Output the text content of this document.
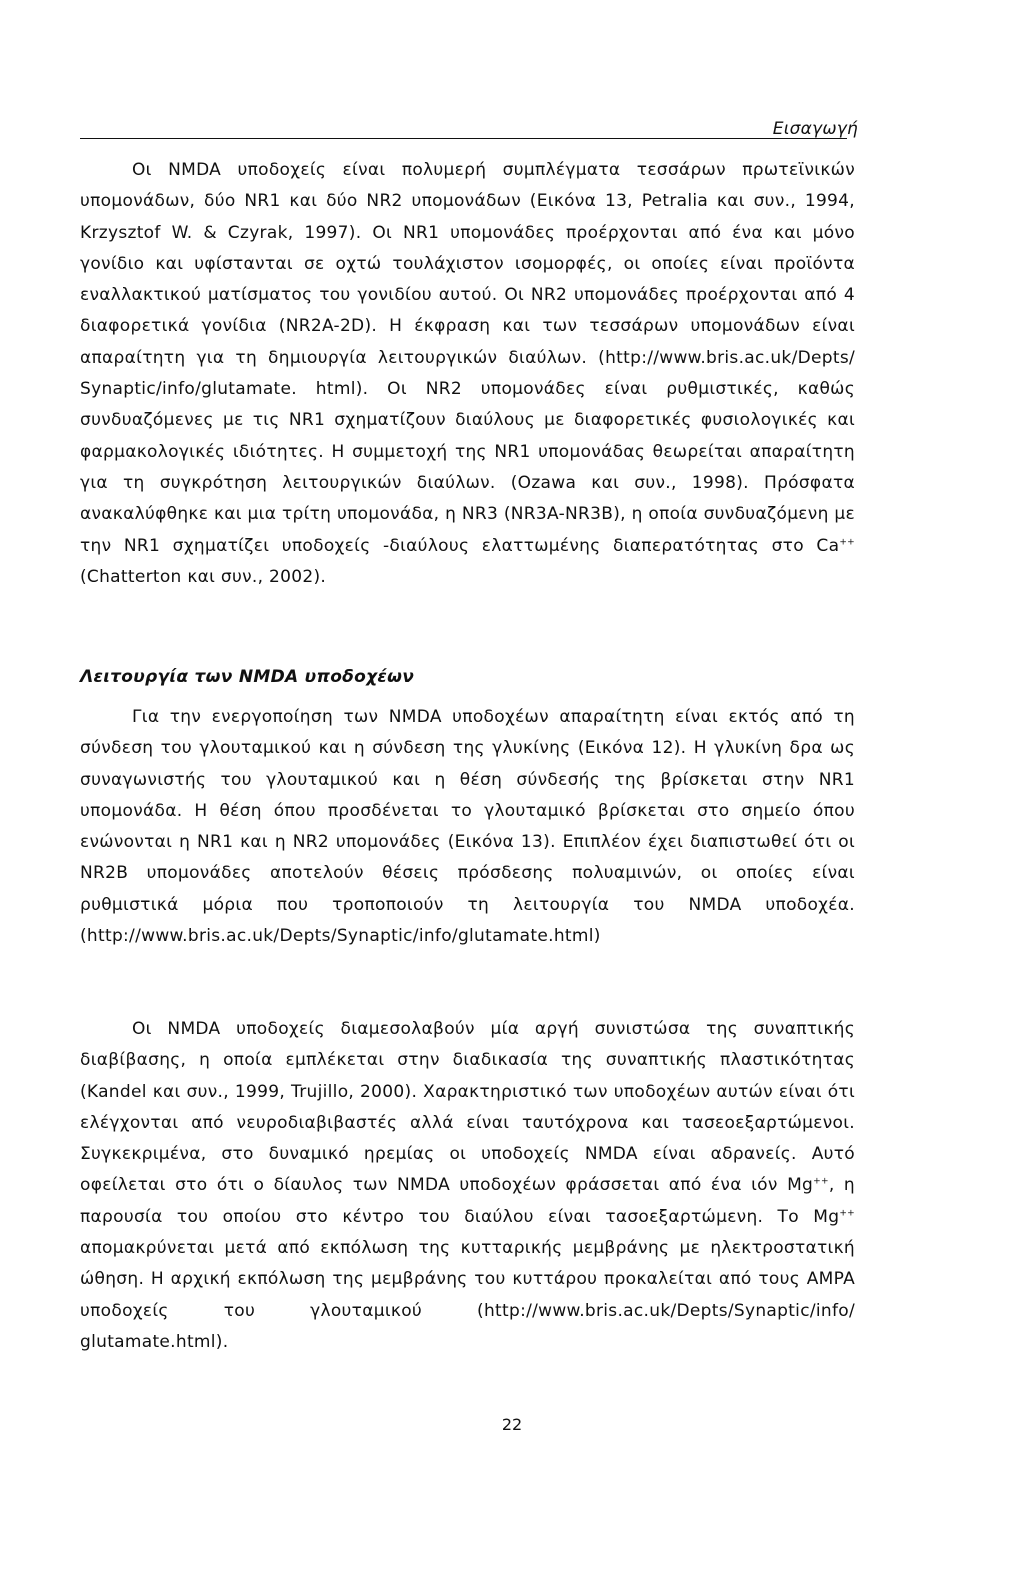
Εισαγωγή
Οι NMDA υποδοχείς είναι πολυμερή συμπλέγματα τεσσάρων πρωτεϊνικών υπομονάδων, δύο NR1 και δύο NR2 υπομονάδων (Εικόνα 13, Petralia και συν., 1994, Krzysztof W. & Czyrak, 1997). Οι NR1 υπομονάδες προέρχονται από ένα και μόνο γονίδιο και υφίστανται σε οχτώ τουλάχιστον ισομορφές, οι οποίες είναι προϊόντα εναλλακτικού ματίσματος του γονιδίου αυτού. Οι NR2 υπομονάδες προέρχονται από 4 διαφορετικά γονίδια (NR2A-2D). Η έκφραση και των τεσσάρων υπομονάδων είναι απαραίτητη για τη δημιουργία λειτουργικών διαύλων. (http://www.bris.ac.uk/Depts/ Synaptic/info/glutamate. html). Οι NR2 υπομονάδες είναι ρυθμιστικές, καθώς συνδυαζόμενες με τις NR1 σχηματίζουν διαύλους με διαφορετικές φυσιολογικές και φαρμακολογικές ιδιότητες. Η συμμετοχή της NR1 υπομονάδας θεωρείται απαραίτητη για τη συγκρότηση λειτουργικών διαύλων. (Ozawa και συν., 1998). Πρόσφατα ανακαλύφθηκε και μια τρίτη υπομονάδα, η NR3 (NR3A-NR3B), η οποία συνδυαζόμενη με την NR1 σχηματίζει υποδοχείς -διαύλους ελαττωμένης διαπερατότητας στο Ca++ (Chatterton και συν., 2002).
Λειτουργία των NMDA υποδοχέων
Για την ενεργοποίηση των NMDA υποδοχέων απαραίτητη είναι εκτός από τη σύνδεση του γλουταμικού και η σύνδεση της γλυκίνης (Εικόνα 12). Η γλυκίνη δρα ως συναγωνιστής του γλουταμικού και η θέση σύνδεσής της βρίσκεται στην NR1 υπομονάδα. Η θέση όπου προσδένεται το γλουταμικό βρίσκεται στο σημείο όπου ενώνονται η NR1 και η NR2 υπομονάδες (Εικόνα 13). Επιπλέον έχει διαπιστωθεί ότι οι NR2B υπομονάδες αποτελούν θέσεις πρόσδεσης πολυαμινών, οι οποίες είναι ρυθμιστικά μόρια που τροποποιούν τη λειτουργία του NMDA υποδοχέα. (http://www.bris.ac.uk/Depts/Synaptic/info/glutamate.html)
Οι NMDA υποδοχείς διαμεσολαβούν μία αργή συνιστώσα της συναπτικής διαβίβασης, η οποία εμπλέκεται στην διαδικασία της συναπτικής πλαστικότητας (Kandel και συν., 1999, Trujillo, 2000). Χαρακτηριστικό των υποδοχέων αυτών είναι ότι ελέγχονται από νευροδιαβιβαστές αλλά είναι ταυτόχρονα και τασεοεξαρτώμενοι. Συγκεκριμένα, στο δυναμικό ηρεμίας οι υποδοχείς NMDA είναι αδρανείς. Αυτό οφείλεται στο ότι ο δίαυλος των NMDA υποδοχέων φράσσεται από ένα ιόν Mg++, η παρουσία του οποίου στο κέντρο του διαύλου είναι τασοεξαρτώμενη. Το Mg++ απομακρύνεται μετά από εκπόλωση της κυτταρικής μεμβράνης με ηλεκτροστατική ώθηση. Η αρχική εκπόλωση της μεμβράνης του κυττάρου προκαλείται από τους AMPA υποδοχείς του γλουταμικού (http://www.bris.ac.uk/Depts/Synaptic/info/ glutamate.html).
22
